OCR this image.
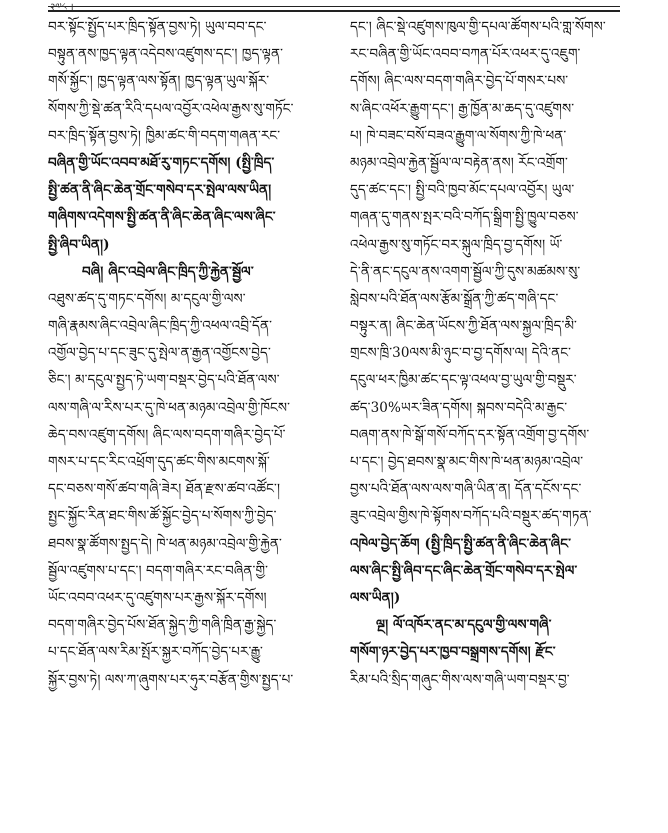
२༧༨ ।
བར་སྟོང་སྤྱོད་པར་ཁྲིད་སྟོན་བྱས་ཏེ། ཡུལ་བབ་དང་
བསྟུན་ནས་ཁྱད་ལྟན་འདེབས་འཛུགས་དང་། ཁྱད་ལྟན་
གསོ་སྐྱོང་། ཁྱད་ལྟན་ལས་སྟོན། ཁྱད་ལྟན་ཡུལ་སྐོར་
སོགས་ཀྱི་སྡེ་ཚན་རིའི་དཔལ་འབྱོར་འཕེལ་རྒྱས་སུ་གཏོང་
བར་ཁྲིད་སྟོན་བྱས་ཏེ། ཁྱིམ་ཚང་གི་བདག་གཞན་རང་
བཞིན་གྱི་ཡོང་འབབ་མཐོ་རུ་གཏང་དགོས། (སྤྱི་ཁྲིད་
སྤྱི་ཚན་ནི་ཞིང་ཆེན་གྲོང་གསེབ་དར་སྤེལ་ལས་ཡིན།
གཞིགས་འདེགས་སྤྱི་ཚན་ནི་ཞིང་ཆེན་ཞིང་ལས་ཞིང་
སྤྱི་ཞིབ་ཡིན།)
བཞི། ཞིང་འབྲེལ་ཞིང་ཁྲིད་ཀྱི་རྐྱེན་སྦྱོལ་
འཐུས་ཚད་དུ་གཏང་དགོས། མ་དངུལ་གྱི་ལས་
གཞི་རྣམས་ཞིང་འབྲེལ་ཞིང་ཁྲིད་ཀྱི་འཕལ་འབྲི་དོན་
འགྱོལ་བྱེད་པ་དང་ཟུང་དུ་སྤེལ་ན་རྒྱན་འགྱོངས་བྱེད་
ཅིང་། མ་དངུལ་སྤྱད་ཏེ་ཡག་བསྡར་བྱེད་པའི་ཐོན་ལས་
ལས་གཞི་ལ་རིས་པར་དུ་ཁེ་ཕན་མཉམ་འབྲེལ་གྱི་ཁོངས་
ཆེད་བས་འཛུག་དགོས། ཞིང་ལས་བདག་གཞིར་བྱེད་པོ་
གསར་པ་དང་རིང་འཕྲོག་དུད་ཚང་གིས་མངགས་སྐོ་
དང་བཅས་གསོ་ཚབ་གཞི་ཟེར། ཐོན་རྫས་ཚབ་འཚོང་།
སྤྱང་སྐྱོང་རིན་ཐང་གིས་ཚོ་སྐྱོང་བྱེད་པ་སོགས་ཀྱི་བྱེད་
ཐབས་སྣ་ཚོགས་སྤྱད་དེ། ཁེ་ཕན་མཉམ་འབྲེལ་གྱི་རྐྱེན་
སྦྱོལ་འཛུགས་པ་དང་། བདག་གཞིར་རང་བཞིན་གྱི་
ཡོང་འབབ་འཕར་དུ་འཛུགས་པར་རྒྱས་སྐོར་དགོས།
བདག་གཞིར་བྱེད་པོས་ཐོན་སྐྱེད་ཀྱི་གཞི་ཁྲིན་རྒྱ་སྐྱེད་
པ་དང་ཐོན་ལས་རིམ་སྤོར་སྐྱར་བཀོད་བྱེད་པར་རྒྱུ་
སྐྱོར་བྱས་ཏེ། ལས་ཀ་ཞུགས་པར་ཧུར་བརྩོན་གྱིས་སྤྱད་པ་
དང་། ཞིང་སྡེ་འཛུགས་ཁུལ་གྱི་དཔལ་ཚོགས་པའི་གླ་སོགས་
རང་བཞིན་གྱི་ཡོང་འབབ་བཀན་པོར་འཕར་དུ་འཇུག་
དགོས། ཞིང་ལས་བདག་གཞིར་བྱེད་པོ་གསར་པས་
ས་ཞིང་འཕོར་རྒྱུག་དང་། རྒྱ་ཁྱོན་མ་ཆད་དུ་འཛུགས་
པ། ཁེ་བཟང་བསོ་བཟའ་རྒྱུག་ལ་སོགས་ཀྱི་ཁེ་ཕན་
མཉམ་འབྲེལ་རྐྱེན་སྦྱོལ་ལ་བརྟེན་ནས། རོང་འགྲོག་
དུད་ཚང་དང་། སྤྱི་བའི་ཁྱབ་མོང་དཔལ་འབྱོར། ཡུལ་
གཞན་དུ་གནས་སྤར་བའི་བཀོད་སྒྲིག་སྤྱི་ཁྱུལ་བཅས་
འཕེལ་རྒྱས་སུ་གཏོང་བར་སྐུལ་ཁྲིད་བྱ་དགོས། ཡོ་
དེ་ནི་ནང་དངུལ་ནས་འགག་སྦྱོལ་ཀྱི་དུས་མཚམས་སུ་
སླེབས་པའི་ཐོན་ལས་རྩོམ་སྒྲོན་ཀྱི་ཚད་གཞི་དང་
བསྟུར་ན། ཞིང་ཆེན་ཡོངས་ཀྱི་ཐོན་ལས་སྐྱལ་ཁྲིད་མི་
གྲངས་ཁྲི་30ལས་མི་ཉུང་བ་བྱ་དགོས་ལ། དེའི་ནང་
དངུལ་ཕར་ཁྱིམ་ཚང་དང་ལྟ་འཕལ་བྱ་ཡུལ་གྱི་བསྡུར་
ཚད་30%ཡར་ཟིན་དགོས། སྐབས་བདེའི་མ་རྒྱང་
བཞག་ནས་ཁེ་སྒོ་གསོ་བཀོད་དར་སྟོན་འགྲོག་བྱ་དགོས་
པ་དང་། བྱེད་ཐབས་སྣ་མང་གིས་ཁེ་ཕན་མཉམ་འབྲེལ་
བྱས་པའི་ཐོན་ལས་ལས་གཞི་ཡིན་ན། དོན་དངོས་དང་
ཟུང་འབྲེལ་གྱིས་ཁེ་སྟོགས་བཀོད་པའི་བསྡུར་ཚད་གཏན་
འཁེལ་བྱེད་ཆོག (སྤྱི་ཁྲིད་སྤྱི་ཚན་ནི་ཞིང་ཆེན་ཞིང་
ལས་ཞིང་སྤྱི་ཞིབ་དང་ཞིང་ཆེན་གྲོང་གསེབ་དར་སྤེལ་
ལས་ཡིན།)
ལྔ། ལོ་འཁོར་ནང་མ་དངུལ་གྱི་ལས་གཞི་
གསོག་ཉར་བྱེད་པར་ཁྱབ་བསྒྲགས་དགོས། རྫོང་
རིམ་པའི་སྲིད་གཞུང་གིས་ལས་གཞི་ཡག་བསྡར་བྱ་
